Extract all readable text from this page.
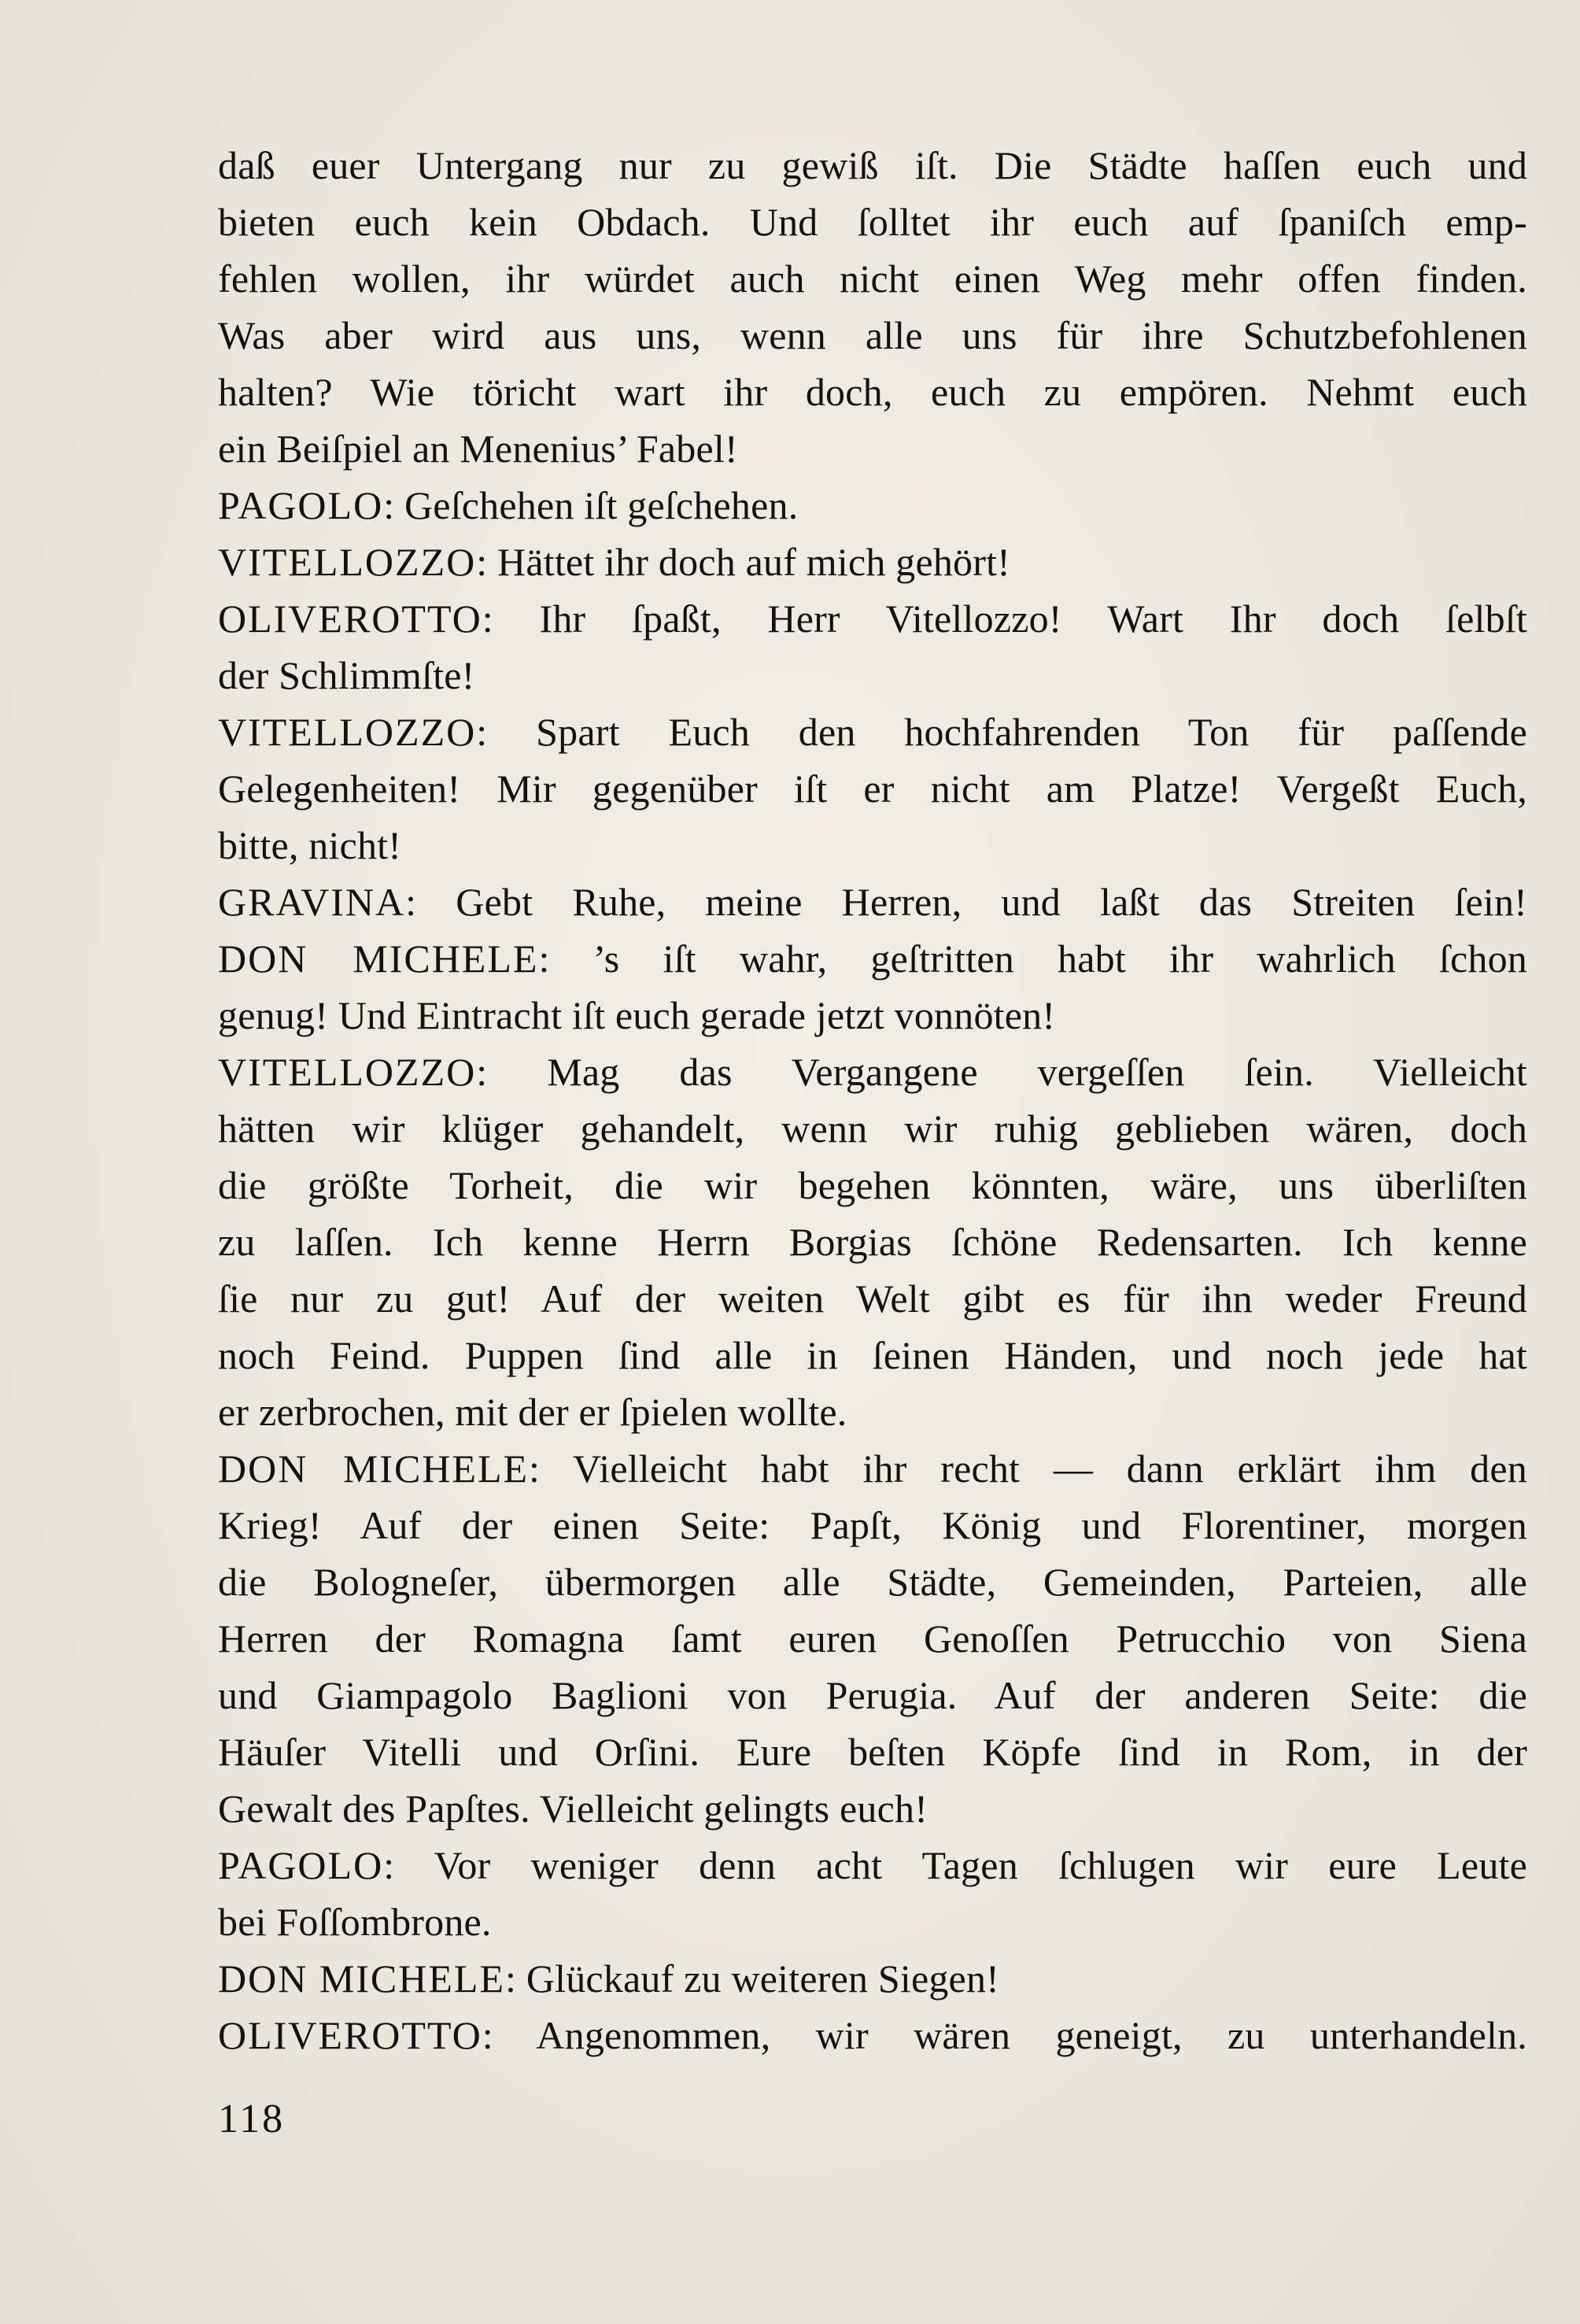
daß euer Untergang nur zu gewiß iſt. Die Städte haſſen euch und
bieten euch kein Obdach. Und ſolltet ihr euch auf ſpaniſch emp-
fehlen wollen, ihr würdet auch nicht einen Weg mehr offen finden.
Was aber wird aus uns, wenn alle uns für ihre Schutzbefohlenen
halten? Wie töricht wart ihr doch, euch zu empören. Nehmt euch
ein Beiſpiel an Menenius’ Fabel!
PAGOLO: Geſchehen iſt geſchehen.
VITELLOZZO: Hättet ihr doch auf mich gehört!
OLIVEROTTO: Ihr ſpaßt, Herr Vitellozzo! Wart Ihr doch ſelbſt
der Schlimmſte!
VITELLOZZO: Spart Euch den hochfahrenden Ton für paſſende
Gelegenheiten! Mir gegenüber iſt er nicht am Platze! Vergeßt Euch,
bitte, nicht!
GRAVINA: Gebt Ruhe, meine Herren, und laßt das Streiten ſein!
DON MICHELE: ’s iſt wahr, geſtritten habt ihr wahrlich ſchon
genug! Und Eintracht iſt euch gerade jetzt vonnöten!
VITELLOZZO: Mag das Vergangene vergeſſen ſein. Vielleicht
hätten wir klüger gehandelt, wenn wir ruhig geblieben wären, doch
die größte Torheit, die wir begehen könnten, wäre, uns überliſten
zu laſſen. Ich kenne Herrn Borgias ſchöne Redensarten. Ich kenne
ſie nur zu gut! Auf der weiten Welt gibt es für ihn weder Freund
noch Feind. Puppen ſind alle in ſeinen Händen, und noch jede hat
er zerbrochen, mit der er ſpielen wollte.
DON MICHELE: Vielleicht habt ihr recht — dann erklärt ihm den
Krieg! Auf der einen Seite: Papſt, König und Florentiner, morgen
die Bologneſer, übermorgen alle Städte, Gemeinden, Parteien, alle
Herren der Romagna ſamt euren Genoſſen Petrucchio von Siena
und Giampagolo Baglioni von Perugia. Auf der anderen Seite: die
Häuſer Vitelli und Orſini. Eure beſten Köpfe ſind in Rom, in der
Gewalt des Papſtes. Vielleicht gelingts euch!
PAGOLO: Vor weniger denn acht Tagen ſchlugen wir eure Leute
bei Foſſombrone.
DON MICHELE: Glückauf zu weiteren Siegen!
OLIVEROTTO: Angenommen, wir wären geneigt, zu unterhandeln.
118
